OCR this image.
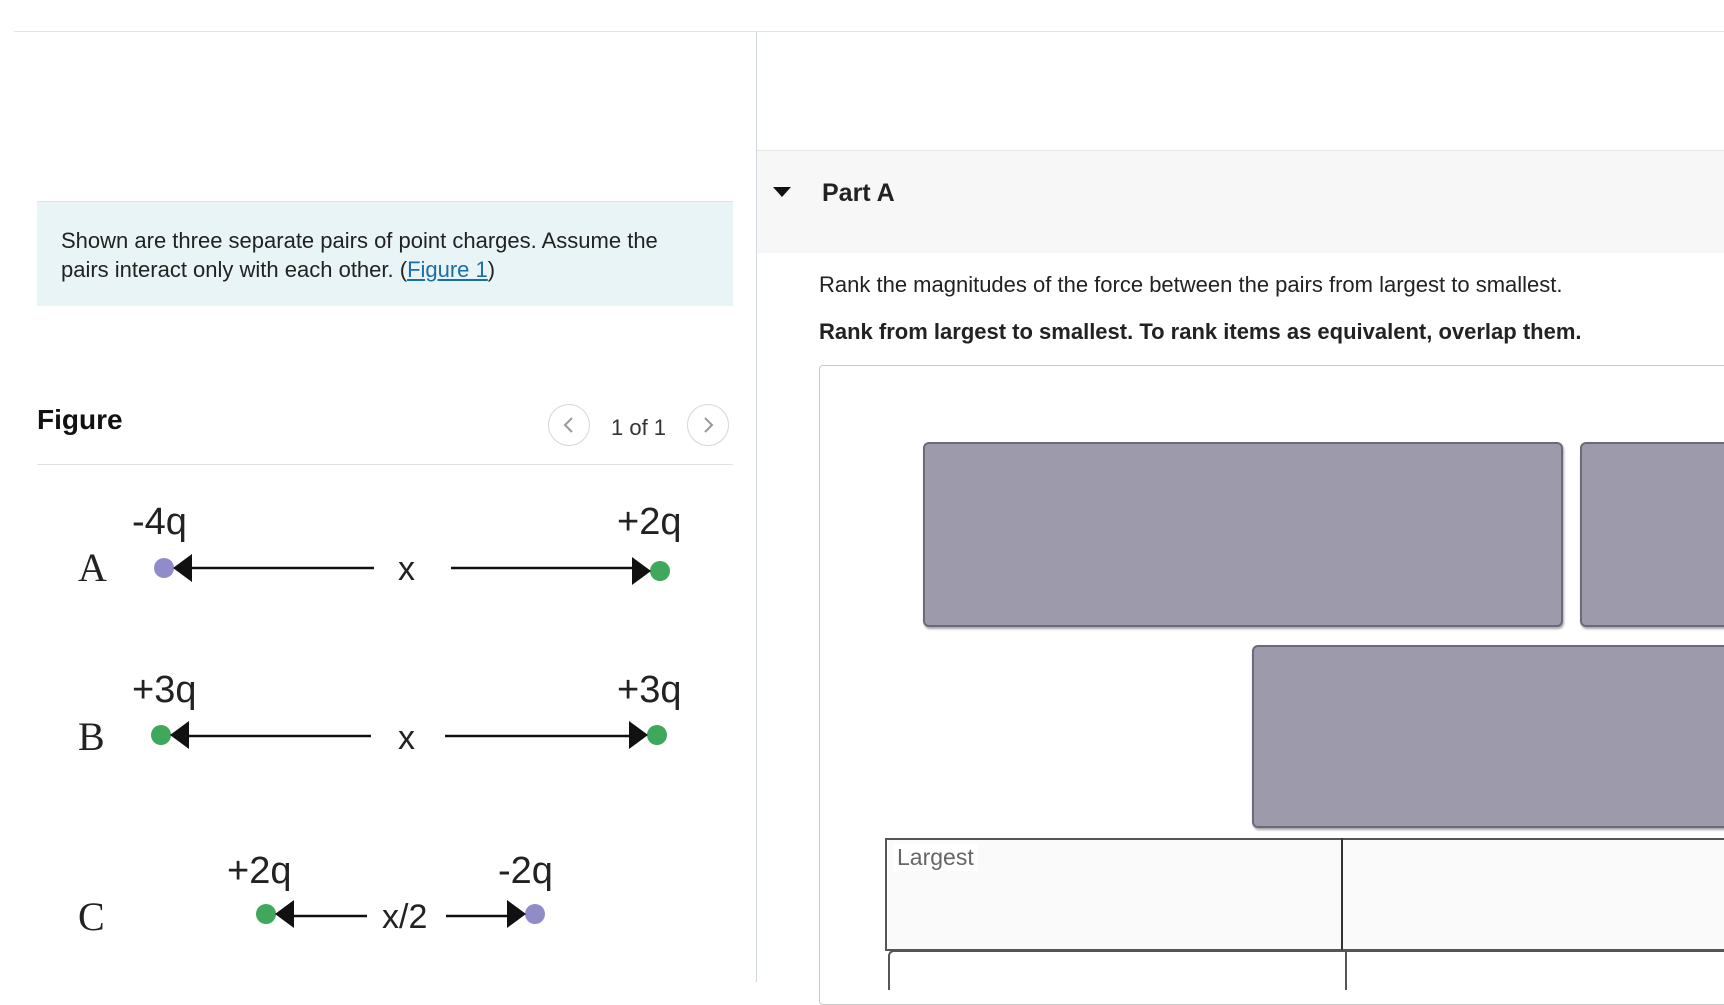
Shown are three separate pairs of point charges. Assume the pairs interact only with each other. (Figure 1)
Figure	1 of 1
A
-4q	+2q
x
B
+3q	+3q
x
C
+2q	-2q
x/2
Part A
Rank the magnitudes of the force between the pairs from largest to smallest.
Rank from largest to smallest. To rank items as equivalent, overlap them.
Largest
